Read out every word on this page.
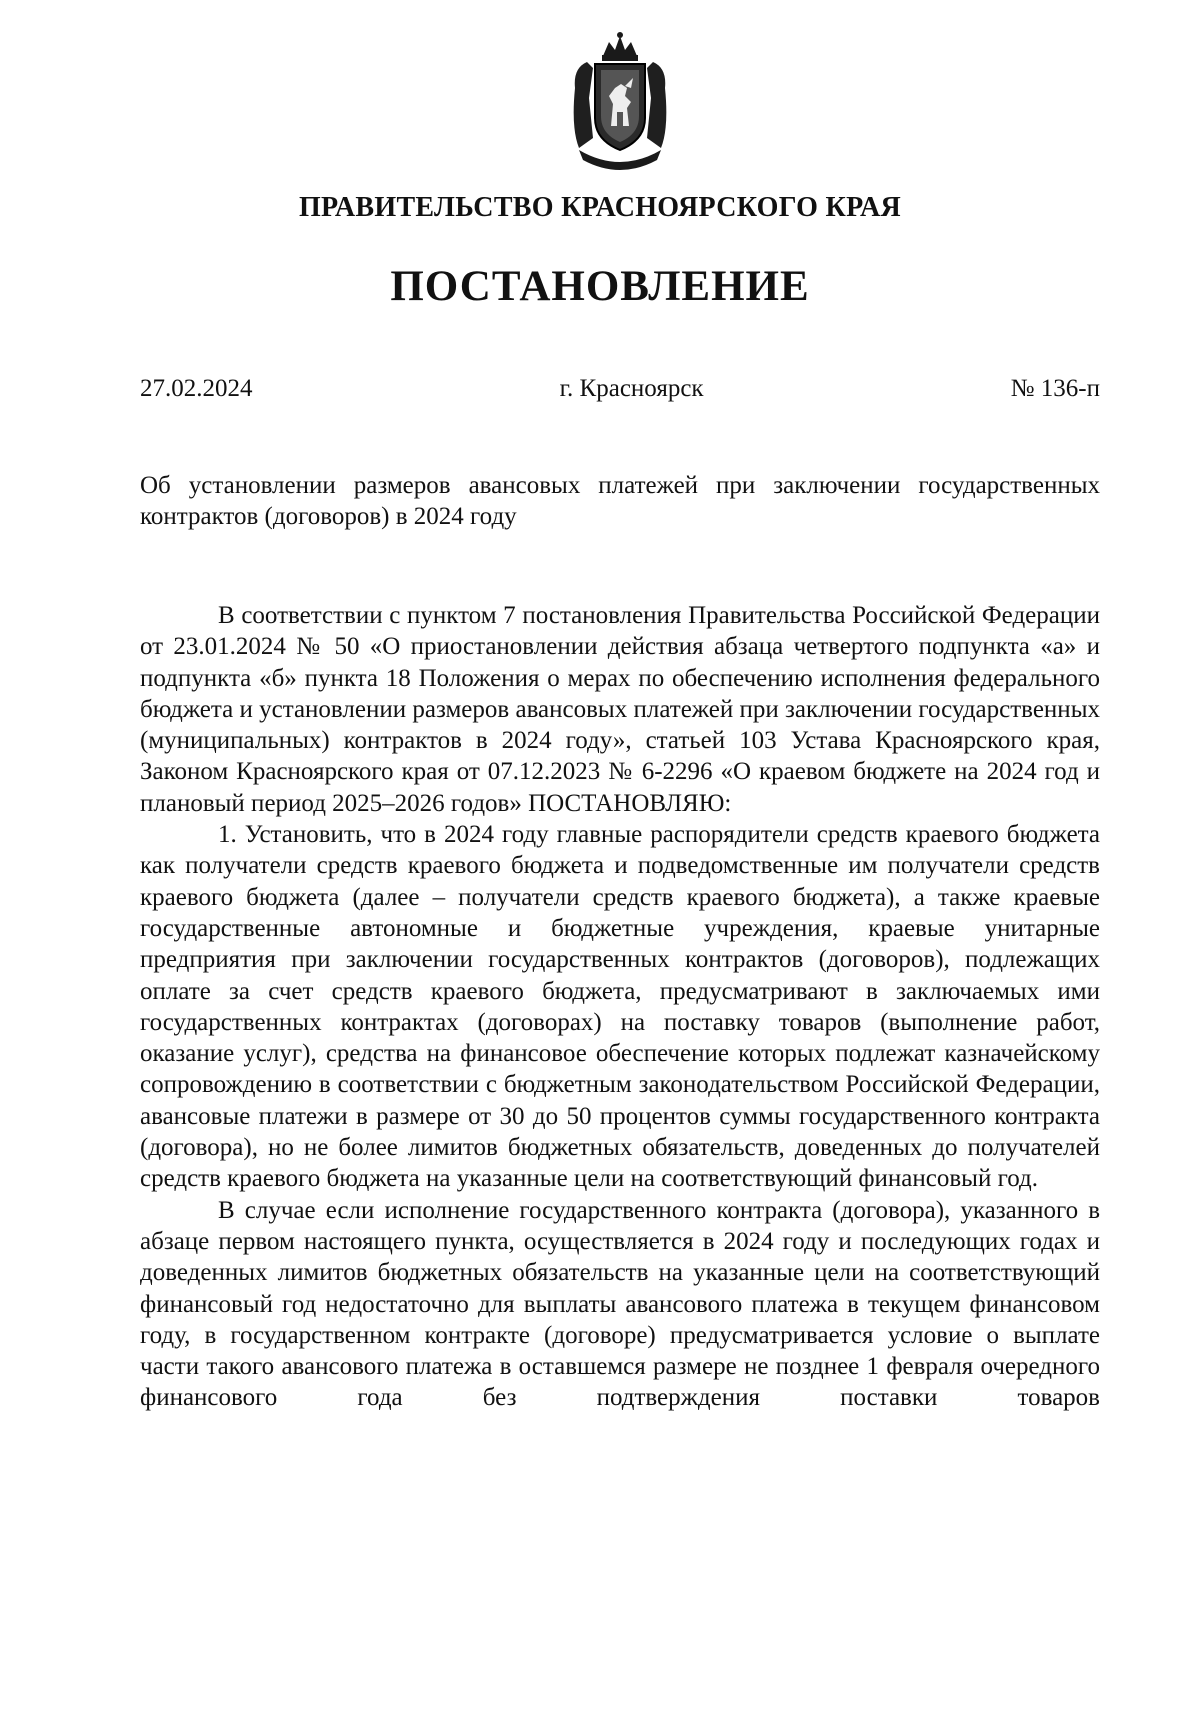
ПРАВИТЕЛЬСТВО КРАСНОЯРСКОГО КРАЯ
ПОСТАНОВЛЕНИЕ
27.02.2024	г. Красноярск	№ 136-п
Об установлении размеров авансовых платежей при заключении государственных контрактов (договоров) в 2024 году

В соответствии с пунктом 7 постановления Правительства Российской Федерации от 23.01.2024 № 50 «О приостановлении действия абзаца четвертого подпункта «а» и подпункта «б» пункта 18 Положения о мерах по обеспечению исполнения федерального бюджета и установлении размеров авансовых платежей при заключении государственных (муниципальных) контрактов в 2024 году», статьей 103 Устава Красноярского края, Законом Красноярского края от 07.12.2023 № 6-2296 «О краевом бюджете на 2024 год и плановый период 2025–2026 годов» ПОСТАНОВЛЯЮ:

1. Установить, что в 2024 году главные распорядители средств краевого бюджета как получатели средств краевого бюджета и подведомственные им получатели средств краевого бюджета (далее – получатели средств краевого бюджета), а также краевые государственные автономные и бюджетные учреждения, краевые унитарные предприятия при заключении государственных контрактов (договоров), подлежащих оплате за счет средств краевого бюджета, предусматривают в заключаемых ими государственных контрактах (договорах) на поставку товаров (выполнение работ, оказание услуг), средства на финансовое обеспечение которых подлежат казначейскому сопровождению в соответствии с бюджетным законодательством Российской Федерации, авансовые платежи в размере от 30 до 50 процентов суммы государственного контракта (договора), но не более лимитов бюджетных обязательств, доведенных до получателей средств краевого бюджета на указанные цели на соответствующий финансовый год.

В случае если исполнение государственного контракта (договора), указанного в абзаце первом настоящего пункта, осуществляется в 2024 году и последующих годах и доведенных лимитов бюджетных обязательств на указанные цели на соответствующий финансовый год недостаточно для выплаты авансового платежа в текущем финансовом году, в государственном контракте (договоре) предусматривается условие о выплате части такого авансового платежа в оставшемся размере не позднее 1 февраля очередного финансового года без подтверждения поставки товаров
